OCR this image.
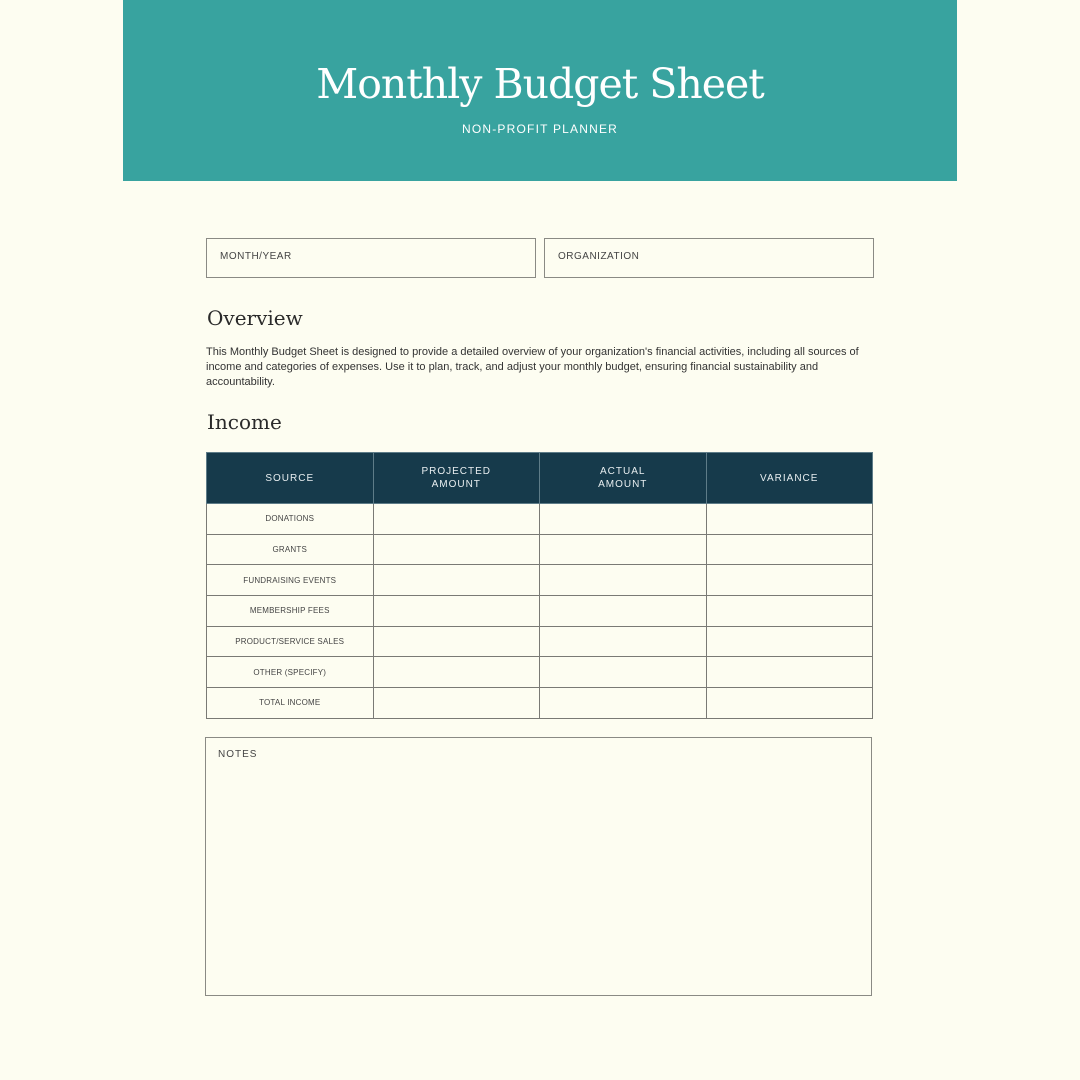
Monthly Budget Sheet
NON-PROFIT PLANNER
MONTH/YEAR	ORGANIZATION
Overview

This Monthly Budget Sheet is designed to provide a detailed overview of your organization's financial activities, including all sources of income and categories of expenses. Use it to plan, track, and adjust your monthly budget, ensuring financial sustainability and accountability.

Income
SOURCE	PROJECTED AMOUNT	ACTUAL AMOUNT	VARIANCE
DONATIONS			
GRANTS			
FUNDRAISING EVENTS			
MEMBERSHIP FEES			
PRODUCT/SERVICE SALES			
OTHER (SPECIFY)			
TOTAL INCOME			
NOTES
